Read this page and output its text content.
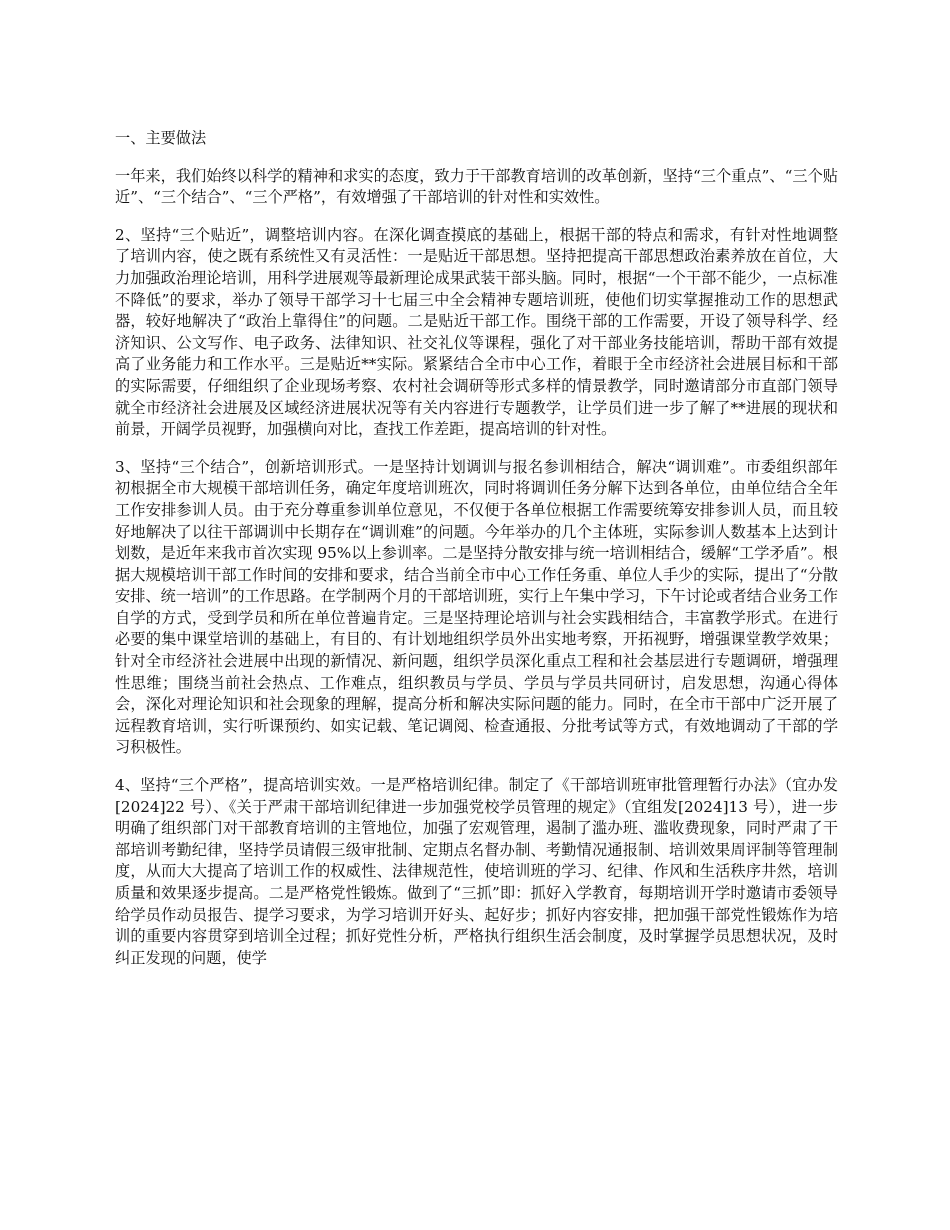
一、主要做法

一年来，我们始终以科学的精神和求实的态度，致力于干部教育培训的改革创新，坚持“三个重点”、“三个贴近”、“三个结合”、“三个严格”，有效增强了干部培训的针对性和实效性。

2、坚持“三个贴近”，调整培训内容。在深化调查摸底的基础上，根据干部的特点和需求，有针对性地调整了培训内容，使之既有系统性又有灵活性：一是贴近干部思想。坚持把提高干部思想政治素养放在首位，大力加强政治理论培训，用科学进展观等最新理论成果武装干部头脑。同时，根据“一个干部不能少，一点标准不降低”的要求，举办了领导干部学习十七届三中全会精神专题培训班，使他们切实掌握推动工作的思想武器，较好地解决了“政治上靠得住”的问题。二是贴近干部工作。围绕干部的工作需要，开设了领导科学、经济知识、公文写作、电子政务、法律知识、社交礼仪等课程，强化了对干部业务技能培训，帮助干部有效提高了业务能力和工作水平。三是贴近**实际。紧紧结合全市中心工作，着眼于全市经济社会进展目标和干部的实际需要，仔细组织了企业现场考察、农村社会调研等形式多样的情景教学，同时邀请部分市直部门领导就全市经济社会进展及区域经济进展状况等有关内容进行专题教学，让学员们进一步了解了**进展的现状和前景，开阔学员视野，加强横向对比，查找工作差距，提高培训的针对性。

3、坚持“三个结合”，创新培训形式。一是坚持计划调训与报名参训相结合，解决“调训难”。市委组织部年初根据全市大规模干部培训任务，确定年度培训班次，同时将调训任务分解下达到各单位，由单位结合全年工作安排参训人员。由于充分尊重参训单位意见，不仅便于各单位根据工作需要统筹安排参训人员，而且较好地解决了以往干部调训中长期存在“调训难”的问题。今年举办的几个主体班，实际参训人数基本上达到计划数，是近年来我市首次实现 95%以上参训率。二是坚持分散安排与统一培训相结合，缓解“工学矛盾”。根据大规模培训干部工作时间的安排和要求，结合当前全市中心工作任务重、单位人手少的实际，提出了“分散安排、统一培训”的工作思路。在学制两个月的干部培训班，实行上午集中学习，下午讨论或者结合业务工作自学的方式，受到学员和所在单位普遍肯定。三是坚持理论培训与社会实践相结合，丰富教学形式。在进行必要的集中课堂培训的基础上，有目的、有计划地组织学员外出实地考察，开拓视野，增强课堂教学效果；针对全市经济社会进展中出现的新情况、新问题，组织学员深化重点工程和社会基层进行专题调研，增强理性思维；围绕当前社会热点、工作难点，组织教员与学员、学员与学员共同研讨，启发思想，沟通心得体会，深化对理论知识和社会现象的理解，提高分析和解决实际问题的能力。同时，在全市干部中广泛开展了远程教育培训，实行听课预约、如实记载、笔记调阅、检查通报、分批考试等方式，有效地调动了干部的学习积极性。

4、坚持“三个严格”，提高培训实效。一是严格培训纪律。制定了《干部培训班审批管理暂行办法》（宜办发[2024]22 号）、《关于严肃干部培训纪律进一步加强党校学员管理的规定》（宜组发[2024]13 号），进一步明确了组织部门对干部教育培训的主管地位，加强了宏观管理，遏制了滥办班、滥收费现象，同时严肃了干部培训考勤纪律，坚持学员请假三级审批制、定期点名督办制、考勤情况通报制、培训效果周评制等管理制度，从而大大提高了培训工作的权威性、法律规范性，使培训班的学习、纪律、作风和生活秩序井然，培训质量和效果逐步提高。二是严格党性锻炼。做到了“三抓”即：抓好入学教育，每期培训开学时邀请市委领导给学员作动员报告、提学习要求，为学习培训开好头、起好步；抓好内容安排，把加强干部党性锻炼作为培训的重要内容贯穿到培训全过程；抓好党性分析，严格执行组织生活会制度，及时掌握学员思想状况，及时纠正发现的问题，使学
